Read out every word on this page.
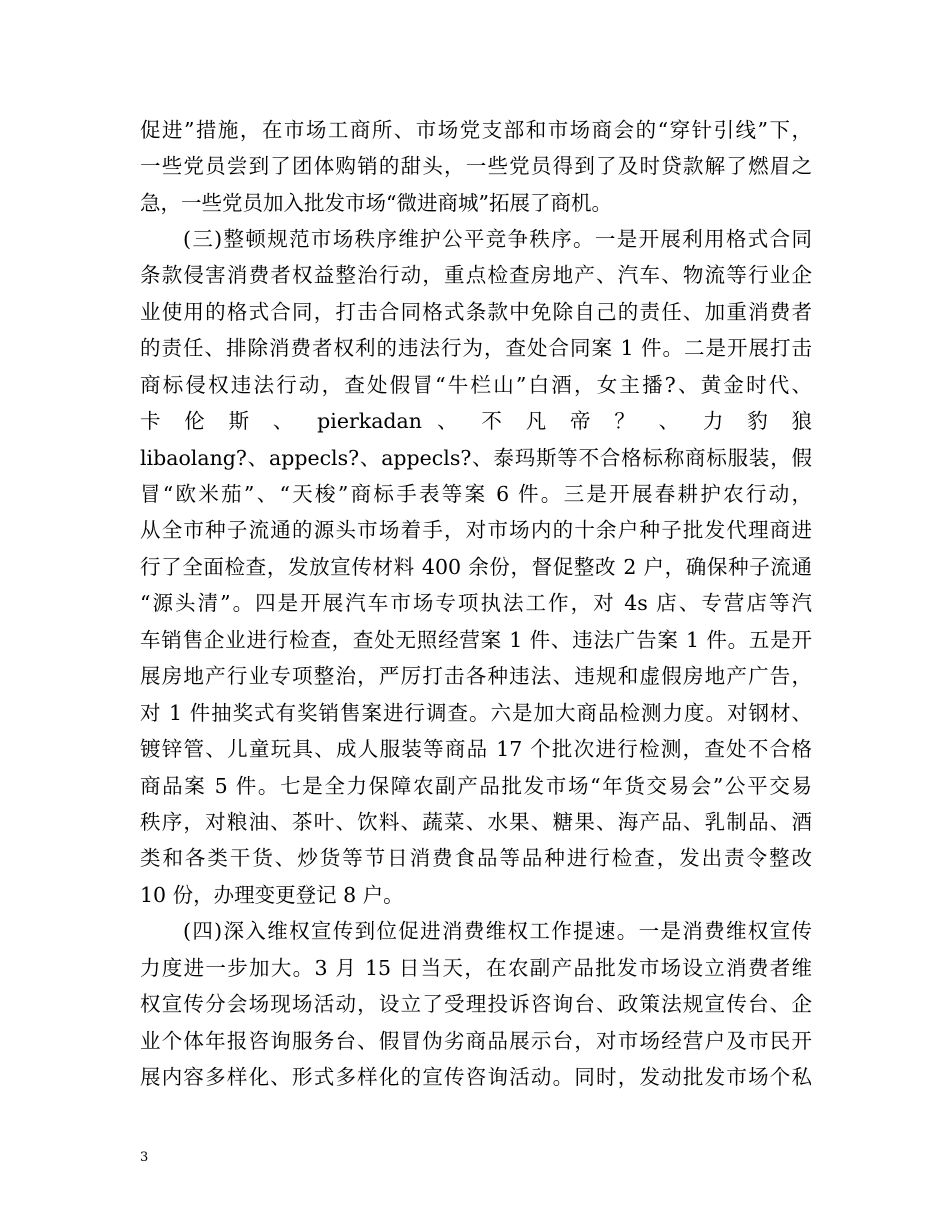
促进”措施，在市场工商所、市场党支部和市场商会的“穿针引线”下，
一些党员尝到了团体购销的甜头，一些党员得到了及时贷款解了燃眉之
急，一些党员加入批发市场“微进商城”拓展了商机。
(三)整顿规范市场秩序维护公平竞争秩序。一是开展利用格式合同
条款侵害消费者权益整治行动，重点检查房地产、汽车、物流等行业企
业使用的格式合同，打击合同格式条款中免除自己的责任、加重消费者
的责任、排除消费者权利的违法行为，查处合同案 1 件。二是开展打击
商标侵权违法行动，查处假冒“牛栏山”白酒，女主播?、黄金时代、
卡 伦 斯 、 pierkadan 、 不 凡 帝 ？ 、 力 豹 狼
libaolang?、appecls?、appecls?、泰玛斯等不合格标称商标服装，假
冒“欧米茄”、“天梭”商标手表等案 6 件。三是开展春耕护农行动，
从全市种子流通的源头市场着手，对市场内的十余户种子批发代理商进
行了全面检查，发放宣传材料 400 余份，督促整改 2 户，确保种子流通
“源头清”。四是开展汽车市场专项执法工作，对 4s 店、专营店等汽
车销售企业进行检查，查处无照经营案 1 件、违法广告案 1 件。五是开
展房地产行业专项整治，严厉打击各种违法、违规和虚假房地产广告，
对 1 件抽奖式有奖销售案进行调查。六是加大商品检测力度。对钢材、
镀锌管、儿童玩具、成人服装等商品 17 个批次进行检测，查处不合格
商品案 5 件。七是全力保障农副产品批发市场“年货交易会”公平交易
秩序，对粮油、茶叶、饮料、蔬菜、水果、糖果、海产品、乳制品、酒
类和各类干货、炒货等节日消费食品等品种进行检查，发出责令整改
10 份，办理变更登记 8 户。
(四)深入维权宣传到位促进消费维权工作提速。一是消费维权宣传
力度进一步加大。3 月 15 日当天，在农副产品批发市场设立消费者维
权宣传分会场现场活动，设立了受理投诉咨询台、政策法规宣传台、企
业个体年报咨询服务台、假冒伪劣商品展示台，对市场经营户及市民开
展内容多样化、形式多样化的宣传咨询活动。同时，发动批发市场个私
3
